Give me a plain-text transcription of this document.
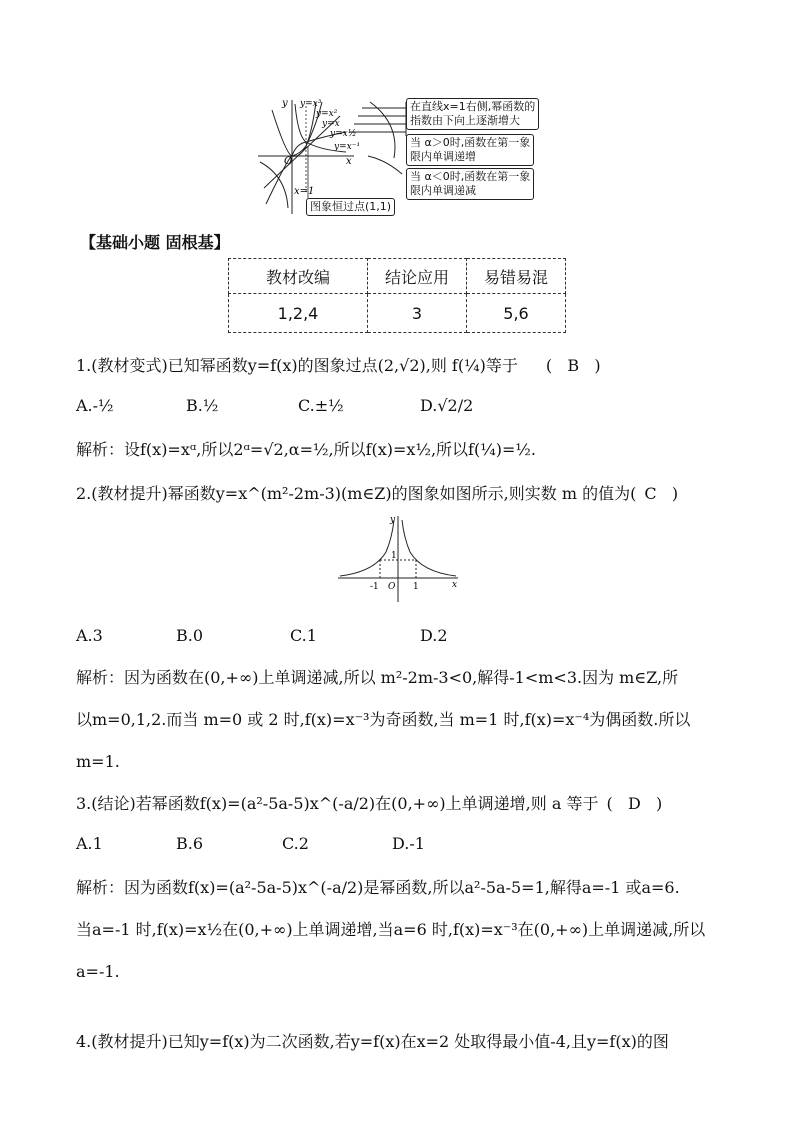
y
x
O
x=1
y=x³
y=x²
y=x
y=x½
y=x⁻¹
在直线x=1右侧,幂函数的
指数由下向上逐渐增大
当 α＞0时,函数在第一象
限内单调递增
当 α＜0时,函数在第一象
限内单调递减
图象恒过点(1,1)
【基础小题 固根基】
教材改编	结论应用	易错易混
1,2,4	3	5,6
1.(教材变式)已知幂函数y=f(x)的图象过点(2,√2),则 f(¼)等于 (   B   )
A.-½	B.½	C.±½	D.√2/2
解析：设f(x)=xᵅ,所以2ᵅ=√2,α=½,所以f(x)=x½,所以f(¼)=½.
2.(教材提升)幂函数y=x^(m²-2m-3)(m∈Z)的图象如图所示,则实数 m 的值为( C   )
y
x
1
-1 O 1
A.3	B.0	C.1	D.2
解析：因为函数在(0,+∞)上单调递减,所以 m²-2m-3<0,解得-1<m<3.因为 m∈Z,所
以m=0,1,2.而当 m=0 或 2 时,f(x)=x⁻³为奇函数,当 m=1 时,f(x)=x⁻⁴为偶函数.所以
m=1.
3.(结论)若幂函数f(x)=(a²-5a-5)x^(-a/2)在(0,+∞)上单调递增,则 a 等于 (   D   )
A.1	B.6	C.2	D.-1
解析：因为函数f(x)=(a²-5a-5)x^(-a/2)是幂函数,所以a²-5a-5=1,解得a=-1 或a=6.
当a=-1 时,f(x)=x½在(0,+∞)上单调递增,当a=6 时,f(x)=x⁻³在(0,+∞)上单调递减,所以
a=-1.
4.(教材提升)已知y=f(x)为二次函数,若y=f(x)在x=2 处取得最小值-4,且y=f(x)的图
